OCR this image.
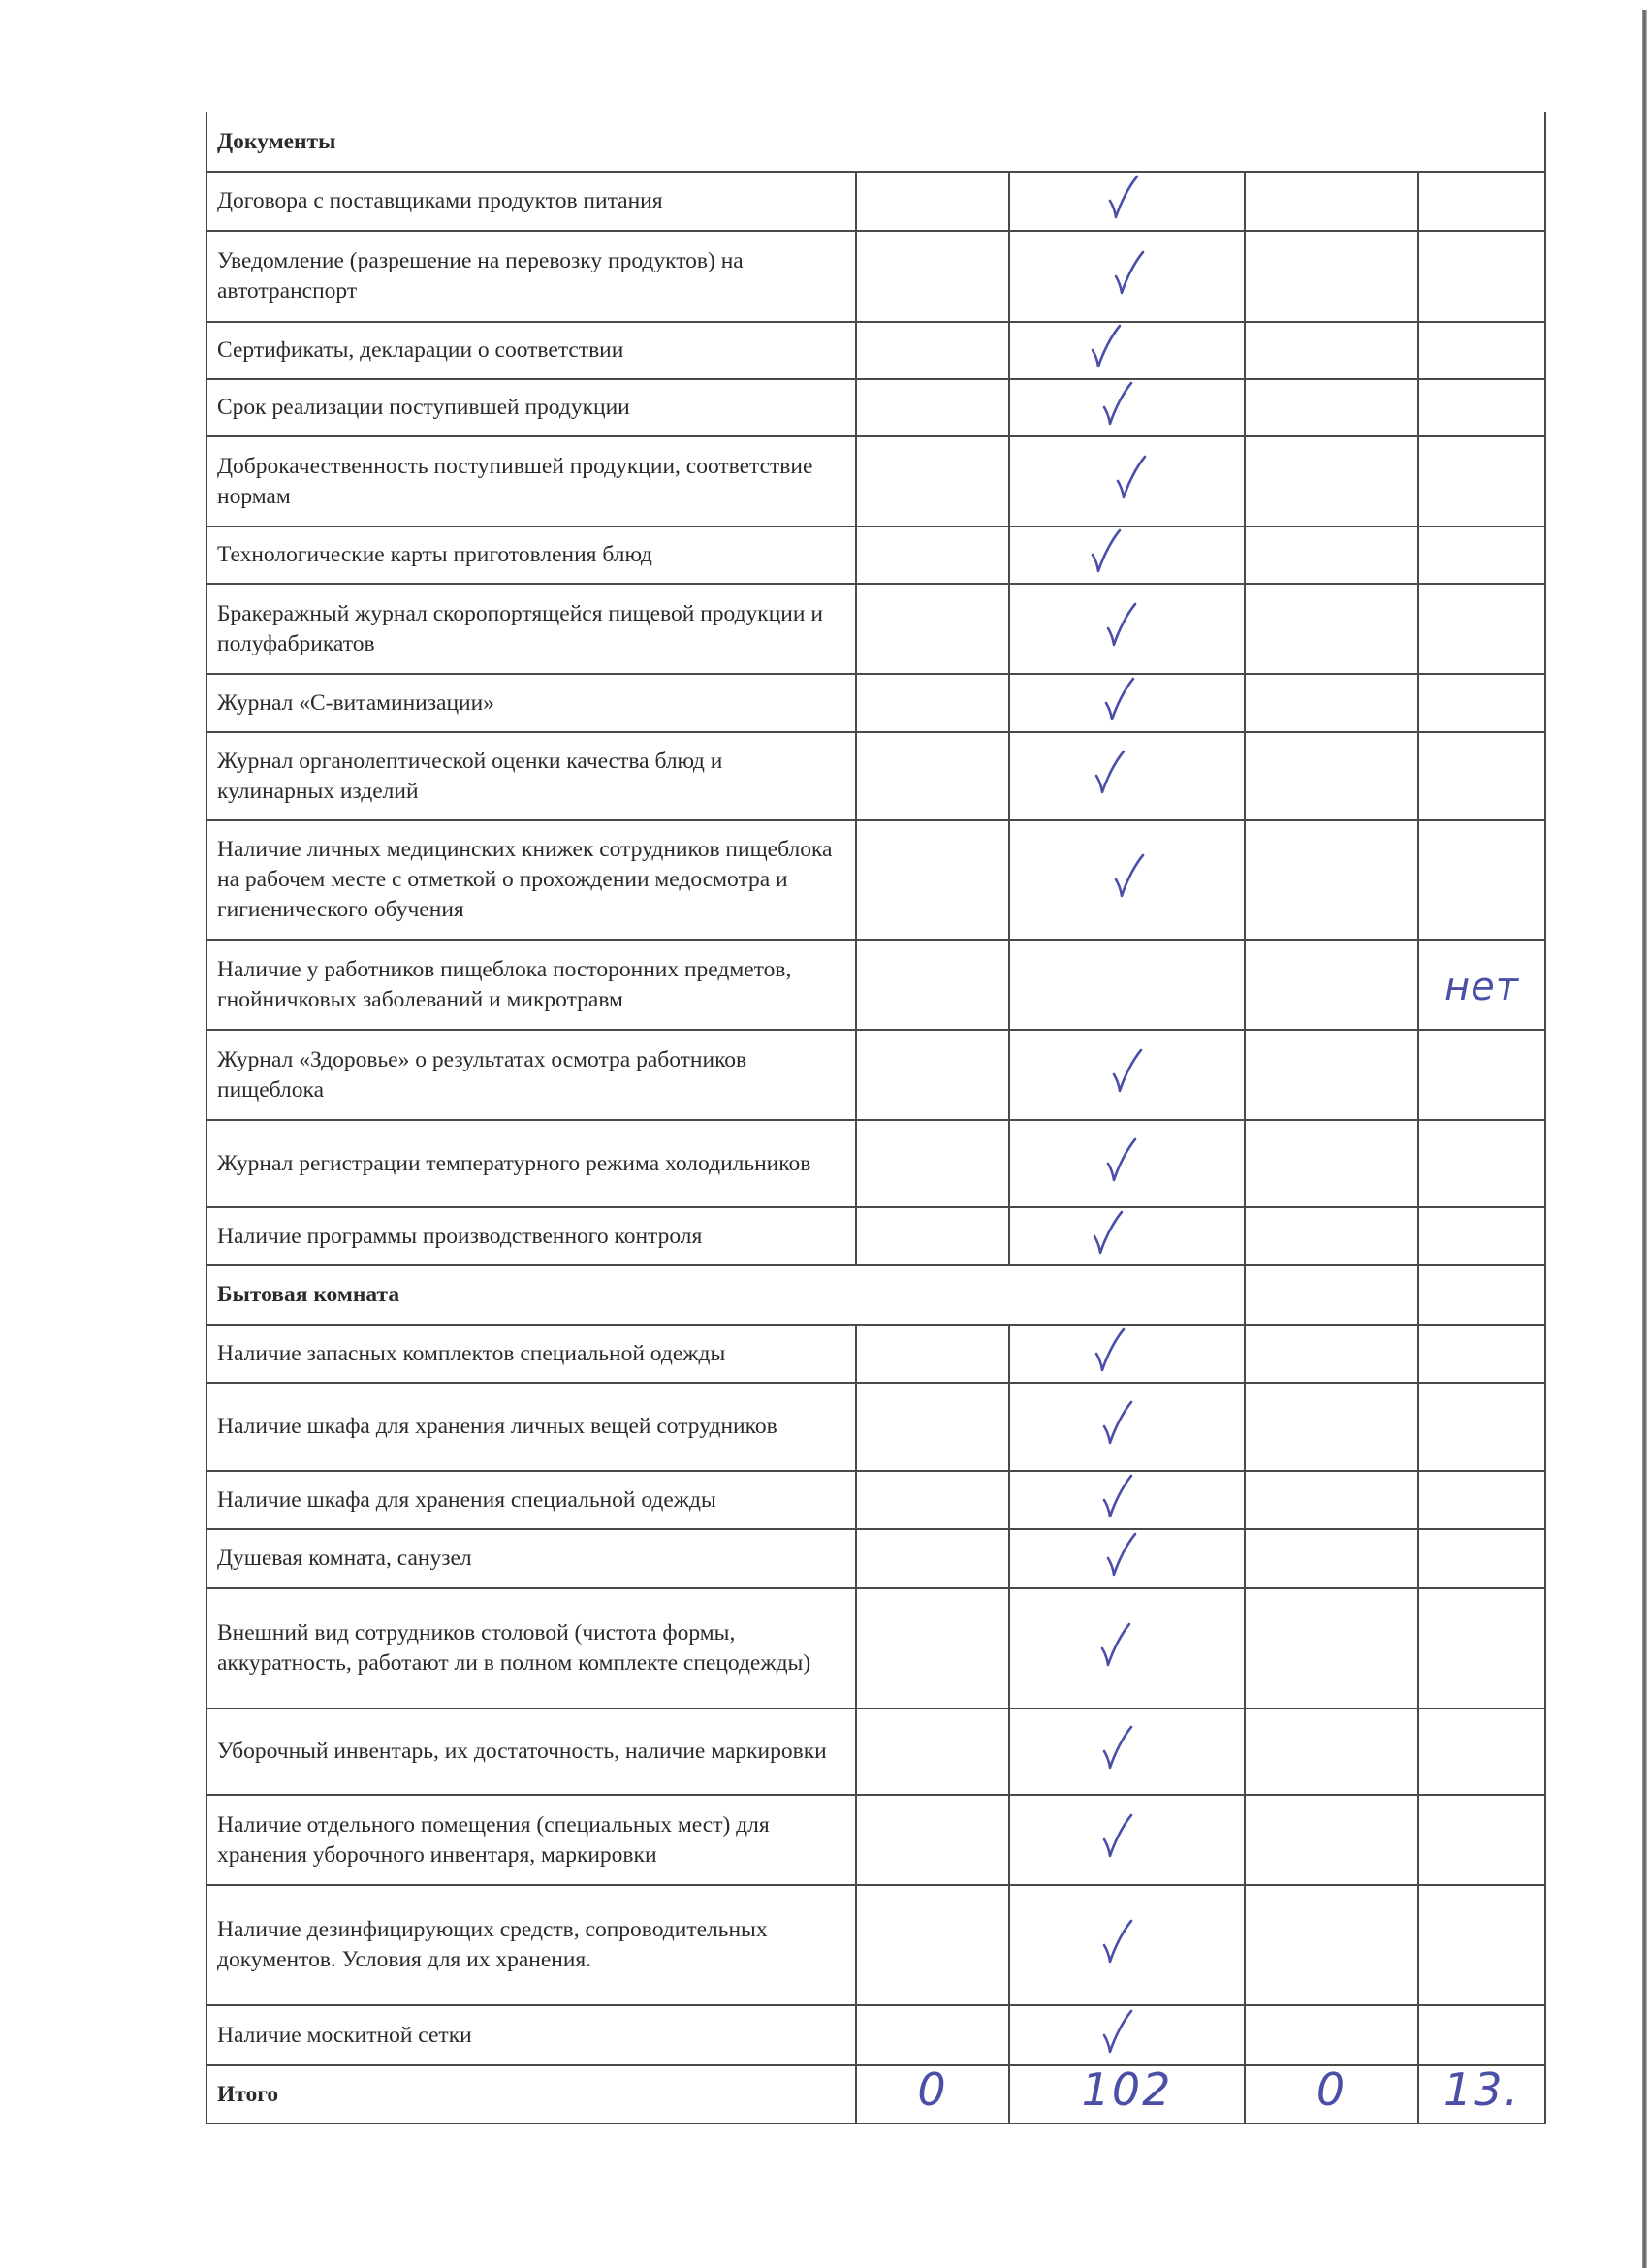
Документы				
Договора с поставщиками продуктов питания		

Уведомление (разрешение на перевозку продуктов) на автотранспорт		

Сертификаты, декларации о соответствии		

Срок реализации поступившей продукции		

Доброкачественность поступившей продукции, соответствие нормам		

Технологические карты приготовления блюд		

Бракеражный журнал скоропортящейся пищевой продукции и полуфабрикатов		

Журнал «С-витаминизации»		

Журнал органолептической оценки качества блюд и кулинарных изделий		

Наличие личных медицинских книжек сотрудников пищеблока на рабочем месте с отметкой о прохождении медосмотра и гигиенического обучения		

Наличие у работников пищеблока посторонних предметов, гнойничковых заболеваний и микротравм				нет
Журнал «Здоровье» о результатах осмотра работников пищеблока		

Журнал регистрации температурного режима холодильников		

Наличие программы производственного контроля		

Бытовая комната				
Наличие запасных комплектов специальной одежды		

Наличие шкафа для хранения личных вещей сотрудников		

Наличие шкафа для хранения специальной одежды		

Душевая комната, санузел		

Внешний вид сотрудников столовой (чистота формы, аккуратность, работают ли в полном комплекте спецодежды)		

Уборочный инвентарь, их достаточность, наличие маркировки		

Наличие отдельного помещения (специальных мест) для хранения уборочного инвентаря, маркировки		

Наличие дезинфицирующих средств, сопроводительных документов. Условия для их хранения.		

Наличие москитной сетки		

Итого	0	102	0	13.
